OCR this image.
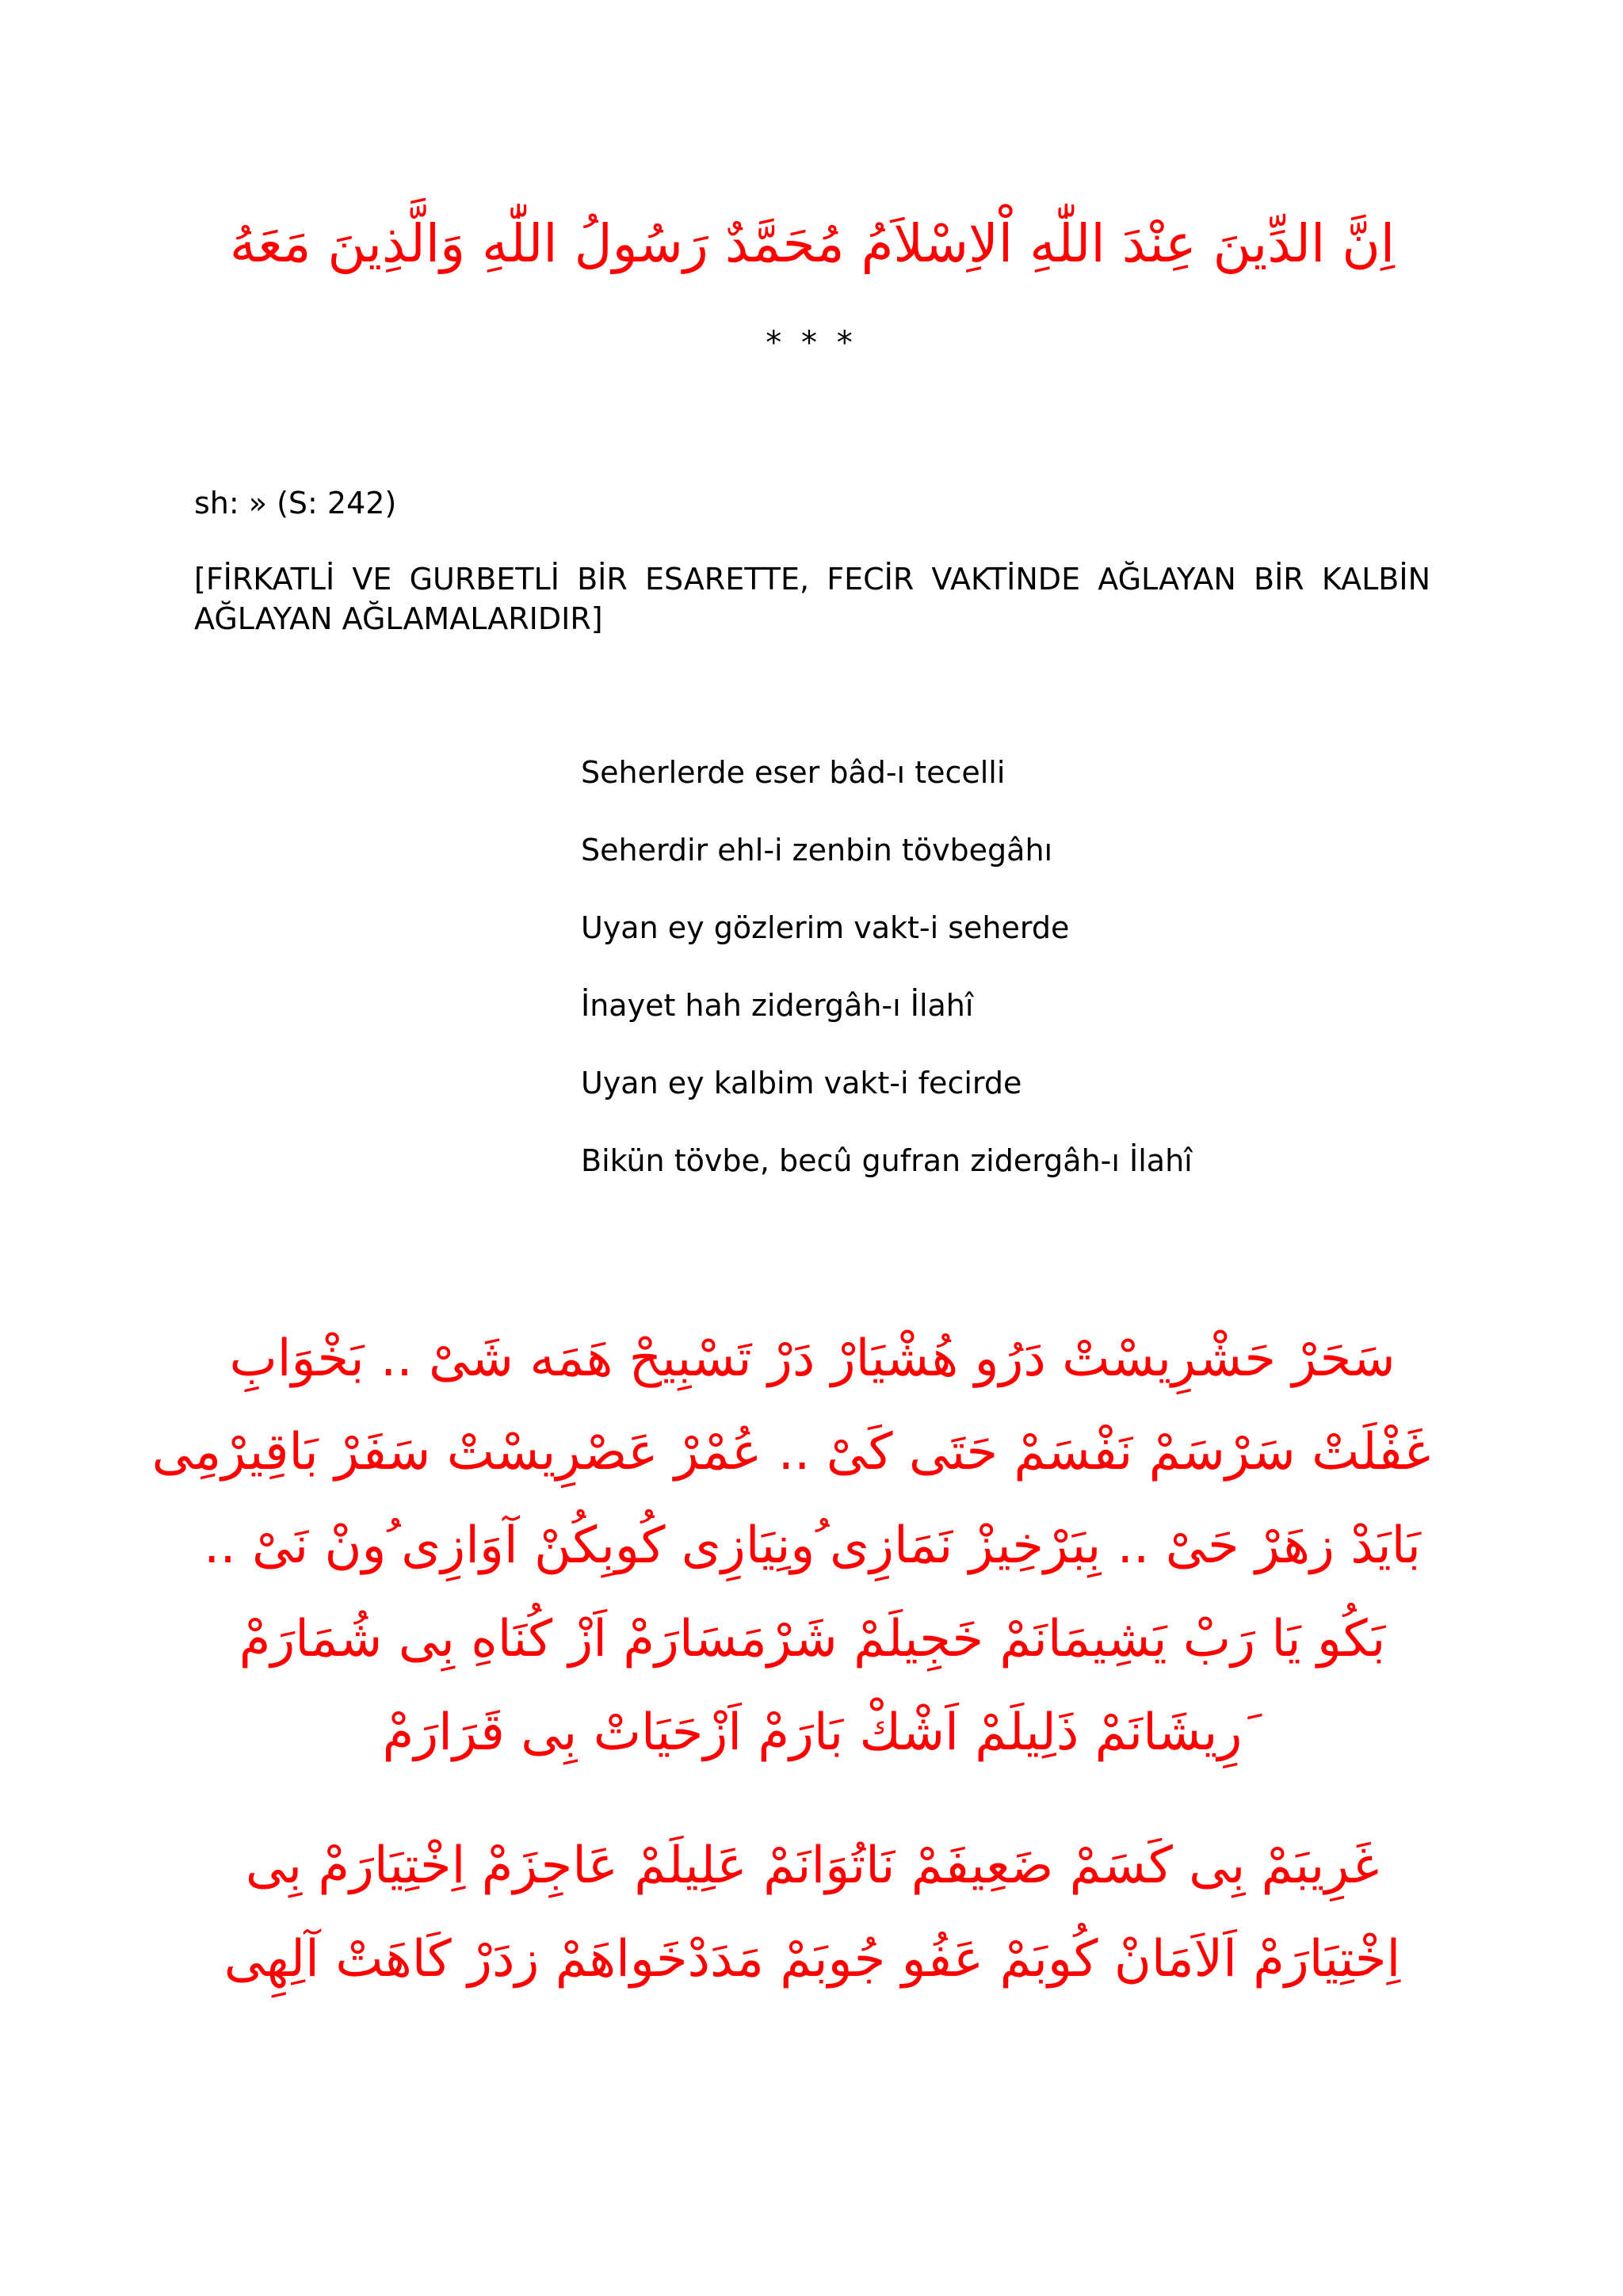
اِنَّ الدِّينَ عِنْدَ اللّٰهِ اْلاِسْلاَمُ مُحَمَّدٌ رَسُولُ اللّٰهِ وَالَّذِينَ مَعَهُ
* * *
sh: » (S: 242)
[FİRKATLİ VE GURBETLİ BİR ESARETTE, FECİR VAKTİNDE AĞLAYAN BİR KALBİN AĞLAYAN AĞLAMALARIDIR]
Seherlerde eser bâd-ı tecelli
Seherdir ehl-i zenbin tövbegâhı
Uyan ey gözlerim vakt-i seherde
İnayet hah zidergâh-ı İlahî
Uyan ey kalbim vakt-i fecirde
Bikün tövbe, becû gufran zidergâh-ı İlahî
سَحَرْ حَشْرِيسْتْ دَرُو هُشْيَارْ دَرْ تَسْبِيحْ هَمَه شَىْ .. بَخْوَابِ
غَفْلَتْ سَرْسَمْ نَفْسَمْ حَتَى كَىْ .. عُمْرْ عَصْرِيسْتْ سَفَرْ بَاقِيرْمِى
بَايَدْ زهَرْ حَىْ .. بِبَرْخِيزْ نَمَازِى ُونِيَازِى كُوبِكُنْ آوَازِى ُونْ نَىْ ..
بَكُو يَا رَبْ يَشِيمَانَمْ خَجِيلَمْ شَرْمَسَارَمْ اَزْ كُنَاهِ بِى شُمَارَمْ
َرِيشَانَمْ ذَلِيلَمْ اَشْكْ بَارَمْ اَزْحَيَاتْ بِى قَرَارَمْ
غَرِيبَمْ بِى كَسَمْ ضَعِيفَمْ نَاتُوَانَمْ عَلِيلَمْ عَاجِزَمْ اِخْتِيَارَمْ بِى
اِخْتِيَارَمْ اَلاَمَانْ كُوبَمْ عَفُو جُوبَمْ مَدَدْخَواهَمْ زدَرْ كَاهَتْ آلِهِى
